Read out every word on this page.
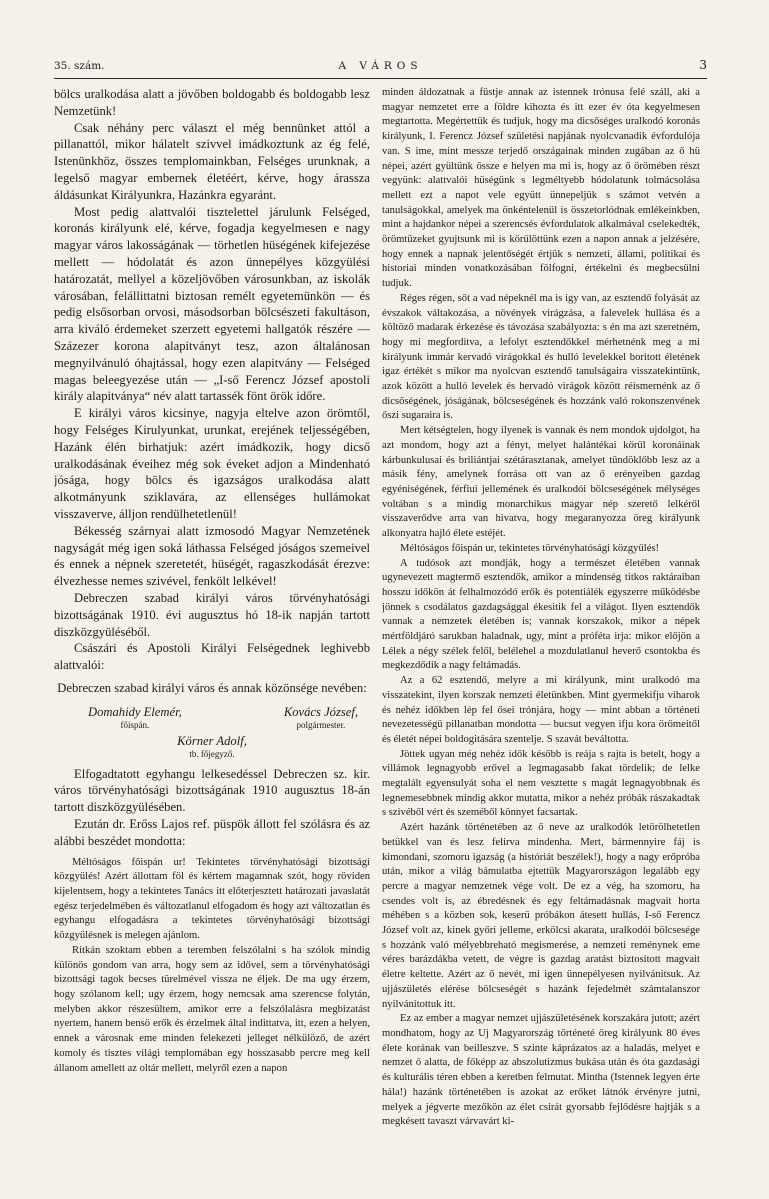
35. szám.	A VÁROS	3

bölcs uralkodása alatt a jövőben boldogabb és boldogabb lesz Nemzetünk!

Csak néhány perc választ el még bennünket attól a pillanattól, mikor hálatelt szivvel imádkoztunk az ég felé, Istenünkhöz, összes templomainkban, Felséges urunknak, a legelső magyar embernek életéért, kérve, hogy árassza áldásunkat Királyunkra, Hazánkra egyaránt.

Most pedig alattvalói tisztelettel járulunk Felséged, koronás királyunk elé, kérve, fogadja kegyelmesen e nagy magyar város lakosságának — törhetlen hüségének kifejezése mellett — hódolatát és azon ünnepélyes közgyülési határozatát, mellyel a közeljövőben városunkban, az iskolák városában, felállittatni biztosan remélt egyetemünkön — és pedig elsősorban orvosi, másodsorban bölcsészeti fakultáson, arra kiváló érdemeket szerzett egyetemi hallgatók részére — Százezer korona alapitványt tesz, azon általánosan megnyilvánuló óhajtással, hogy ezen alapitvány — Felséged magas beleegyezése után — „I-ső Ferencz József apostoli király alapitványa“ név alatt tartassék fönt örök időre.

E királyi város kicsinye, nagyja eltelve azon örömtől, hogy Felséges Kirulyunkat, urunkat, erejének teljességében, Hazánk élén birhatjuk: azért imádkozik, hogy dicső uralkodásának éveihez még sok éveket adjon a Mindenható jósága, hogy bölcs és igazságos uralkodása alatt alkotmányunk sziklavára, az ellenséges hullámokat visszaverve, álljon rendülhetetlenül!

Békesség szárnyai alatt izmosodó Magyar Nemzetének nagyságát még igen soká láthassa Felséged jóságos szemeivel és ennek a népnek szeretetét, hüségét, ragaszkodását érezve: élvezhesse nemes szivével, fenkölt lelkével!

Debreczen szabad királyi város törvényhatósági bizottságának 1910. évi augusztus hó 18-ik napján tartott diszközgyüléséből.

Császári és Apostoli Királyi Felségednek leghivebb alattvalói:

Debreczen szabad királyi város és annak közönsége nevében:

Domahidy Elemér,
főispán.
Kovács József,
polgármester.
Körner Adolf,
tb. főjegyző.

Elfogadtatott egyhangu lelkesedéssel Debreczen sz. kir. város törvényhatósági bizottságának 1910 augusztus 18-án tartott diszközgyülésében.

Ezután dr. Erőss Lajos ref. püspök állott fel szólásra és az alábbi beszédet mondotta:

Méltóságos főispán ur! Tekintetes törvényhatósági bizottsági közgyülés! Azért állottam föl és kértem magamnak szót, hogy röviden kijelentsem, hogy a tekintetes Tanács itt előterjesztett határozati javaslatát egész terjedelmében és változatlanul elfogadom és hogy azt változatlan és egyhangu elfogadásra a tekintetes törvényhatósági bizottsági közgyülésnek is melegen ajánlom.

Ritkán szoktam ebben a teremben felszólalni s ha szólok mindig különös gondom van arra, hogy sem az idővel, sem a törvényhatósági bizottsági tagok becses türelmével vissza ne éljek. De ma ugy érzem, hogy szólanom kell; ugy érzem, hogy nemcsak ama szerencse folytán, melyben akkor részesültem, amikor erre a felszólalásra megbizatást nyertem, hanem bensö erők és érzelmek által indittatva, itt, ezen a helyen, ennek a városnak eme minden felekezeti jelleget nélkülöző, de azért komoly és tisztes világi templomában egy hosszasabb percre meg kell állanom amellett az oltár mellett, melyről ezen a napon

minden áldozatnak a füstje annak az istennek trónusa felé száll, aki a magyar nemzetet erre a földre kihozta és itt ezer év óta kegyelmesen megtartotta. Megértettük és tudjuk, hogy ma dicsőséges uralkodó koronás királyunk, I. Ferencz József születési napjának nyolcvanadik évfordulója van. S ime, mint messze terjedő országainak minden zugában az ő hü népei, azért gyültünk össze e helyen ma mi is, hogy az ő örömében részt vegyünk: alattvalói hüségünk s legméltyebb hódolatunk tolmácsolása mellett ezt a napot vele együtt ünnepeljük s számot vetvén a tanulságokkal, amelyek ma önkéntelenül is összetorlódnak emlékeinkben, mint a hajdankor népei a szerencsés évfordulatok alkalmával cselekedték, örömtüzeket gyujtsunk mi is körülöttünk ezen a napon annak a jelzésére, hogy ennek a napnak jelentőségét értjük s nemzeti, állami, politikai és historiai minden vonatkozásában fölfogni, értékelni és megbecsülni tudjuk.

Réges régen, sőt a vad népeknél ma is igy van, az esztendő folyását az évszakok váltakozása, a növények virágzása, a falevelek hullása és a költöző madarak érkezése és távozása szabályozta: s én ma azt szeretném, hogy mi megforditva, a lefolyt esztendőkkel mérhetnénk meg a mi királyunk immár kervadó virágokkal és hulló levelekkel boritott életének igaz értékét s mikor ma nyolcvan esztendő tanulságaira visszatekintünk, azok között a hulló levelek és hervadó virágok között réismernénk az ő dicsőségének, jóságának, bölcseségének és hozzánk való rokonszenvének őszi sugaraira is.

Mert kétségtelen, hogy ilyenek is vannak és nem mondok ujdolgot, ha azt mondom, hogy azt a fényt, melyet halántékai körül koronáinak kárbunkulusai és briliántjai szétárasztanak, amelyet tündöklőbb lesz az a másik fény, amelynek forrása ott van az ő erényeiben gazdag egyéniségének, férfiui jellemének és uralkodói bölcseségének mélységes voltában s a mindig monarchikus magyar nép szerető lelkéről visszaverődve arra van hivatva, hogy megaranyozza öreg királyunk alkonyatra hajló élete estéjét.

Méltóságos főispán ur, tekintetes törvényhatósági közgyülés!

A tudósok azt mondják, hogy a természet életében vannak ugynevezett magtermő esztendők, amikor a mindenség titkos raktáraiban hosszu időkön át felhalmozódó erők és potentiálék egyszerre működésbe jönnek s csodálatos gazdagsággal ékesitik fel a világot. Ilyen esztendők vannak a nemzetek életében is; vannak korszakok, mikor a népek mértföldjáró sarukban haladnak, ugy, mint a próféta irja: mikor előjön a Lélek a négy szélek felől, belélehel a mozdulatlanul heverő csontokba és megkezdődik a nagy feltámadás.

Az a 62 esztendő, melyre a mi királyunk, mint uralkodó ma visszatekint, ilyen korszak nemzeti életünkben. Mint gyermekifju viharok és nehéz időkben lép fel ősei trónjára, hogy — mint abban a történeti nevezetességü pillanatban mondotta — bucsut vegyen ifju kora örömeitől és életét népei boldogitására szentelje. S szavát beváltotta.

Jöttek ugyan még nehéz idők később is reája s rajta is betelt, hogy a villámok legnagyobb erővel a legmagasabb fakat tördelik; de lelke megtalált egyensulyát soha el nem vesztette s magát legnagyobbnak és legnemesebbnek mindig akkor mutatta, mikor a nehéz próbák rászakadtak s szivéből vért és szeméből könnyet facsartak.

Azért hazánk történetében az ő neve az uralkodók letörölhetetlen betükkel van és lesz felirva mindenha. Mert, bármennyire fáj is kimondani, szomoru igazság (a históriát beszélek!), hogy a nagy erőpróba után, mikor a világ bámulatba ejtettük Magyarországon legalább egy percre a magyar nemzetnek vége volt. De ez a vég, ha szomoru, ha csendes volt is, az ébredésnek és egy feltámadásnak magvait horta méhében s a közben sok, keserü próbákon átesett hullás, I-ső Ferencz József volt az, kinek győri jelleme, erkölcsi akarata, uralkodói bölcsesége s hozzánk való mélyebbreható megismerése, a nemzeti reménynek eme véres barázdákba vetett, de végre is gazdag aratást biztositott magvait életre keltette. Azért az ő nevét, mi igen ünnepélyesen nyilvánitsuk. Az ujjászületés elérése bölcseségét s hazánk fejedelmét számtalanszor nyilvánitottuk itt.

Ez az ember a magyar nemzet ujjászületésének korszakára jutott; azért mondhatom, hogy az Uj Magyarország történeté öreg királyunk 80 éves élete korának van beilleszve. S szinte káprázatos az a haladás, melyet e nemzet ő alatta, de főképp az abszolutizmus bukása után és óta gazdasági és kulturális téren ebben a keretben felmutat. Mintha (Istennek legyen érte hála!) hazánk történetében is azokat az erőket látnók érvényre jutni, melyek a jégverte mezőkön az élet csirát gyorsabb fejlődésre hajtják s a megkésett tavaszt várvavárt ki-
